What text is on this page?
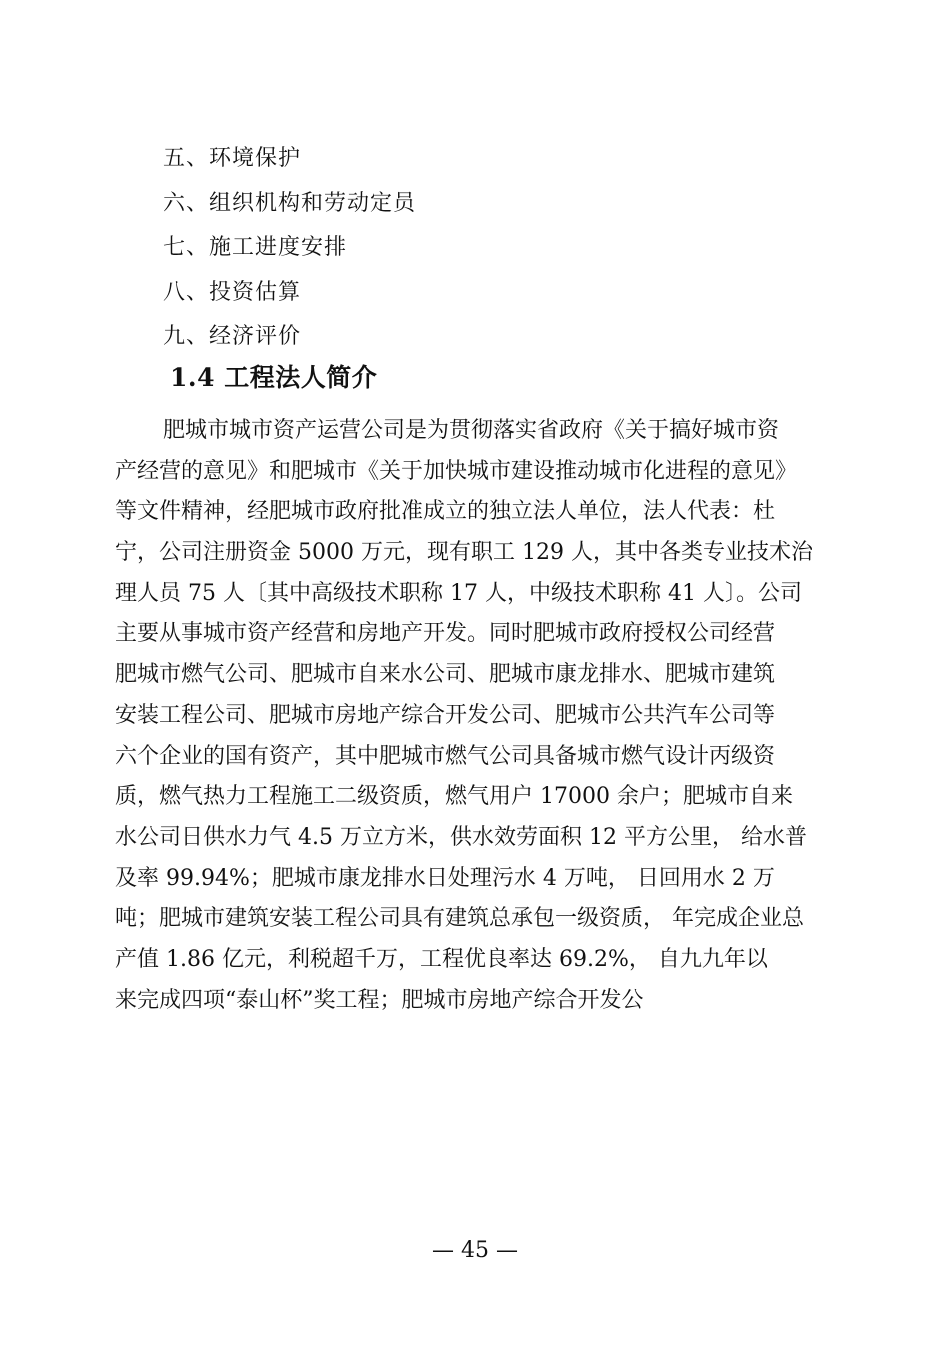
五、环境保护
六、组织机构和劳动定员
七、施工进度安排
八、投资估算
九、经济评价
1.4 工程法人简介

肥城市城市资产运营公司是为贯彻落实省政府《关于搞好城市资
产经营的意见》和肥城市《关于加快城市建设推动城市化进程的意见》
等文件精神，经肥城市政府批准成立的独立法人单位，法人代表：杜
宁，公司注册资金 5000 万元，现有职工 129 人，其中各类专业技术治
理人员 75 人〔其中高级技术职称 17 人，中级技术职称 41 人〕。公司
主要从事城市资产经营和房地产开发。同时肥城市政府授权公司经营
肥城市燃气公司、肥城市自来水公司、肥城市康龙排水、肥城市建筑
安装工程公司、肥城市房地产综合开发公司、肥城市公共汽车公司等
六个企业的国有资产，其中肥城市燃气公司具备城市燃气设计丙级资
质，燃气热力工程施工二级资质，燃气用户 17000 余户；肥城市自来
水公司日供水力气 4.5 万立方米，供水效劳面积 12 平方公里， 给水普
及率 99.94%；肥城市康龙排水日处理污水 4 万吨， 日回用水 2 万
吨；肥城市建筑安装工程公司具有建筑总承包一级资质， 年完成企业总
产值 1.86 亿元，利税超千万，工程优良率达 69.2%， 自九九年以
来完成四项“泰山杯”奖工程；肥城市房地产综合开发公

— 45 —
